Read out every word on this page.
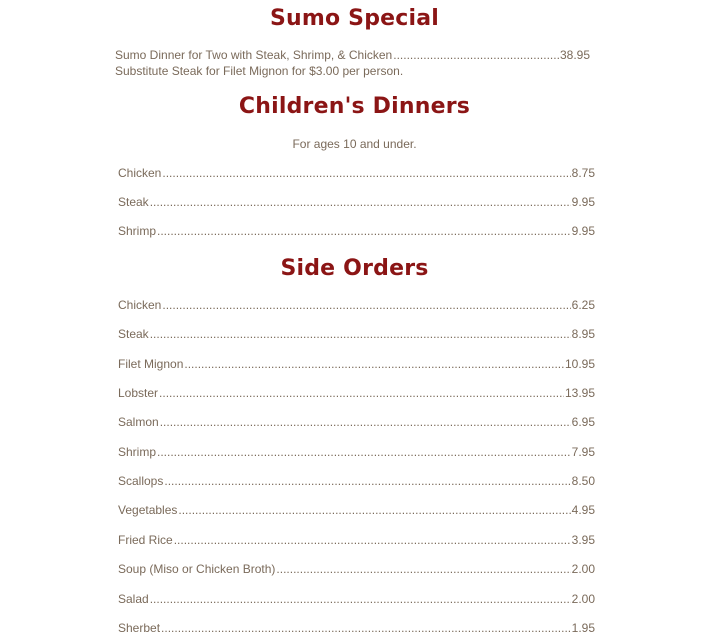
Sumo Special
Sumo Dinner for Two with Steak, Shrimp, & Chicken .....	38.95
Substitute Steak for Filet Mignon for $3.00 per person.
Children's Dinners
For ages 10 and under.
Chicken .....	8.75
Steak .....	9.95
Shrimp .....	9.95
Side Orders
Chicken .....	6.25
Steak .....	8.95
Filet Mignon .....	10.95
Lobster .....	13.95
Salmon .....	6.95
Shrimp .....	7.95
Scallops .....	8.50
Vegetables .....	4.95
Fried Rice .....	3.95
Soup (Miso or Chicken Broth) .....	2.00
Salad .....	2.00
Sherbet .....	1.95
